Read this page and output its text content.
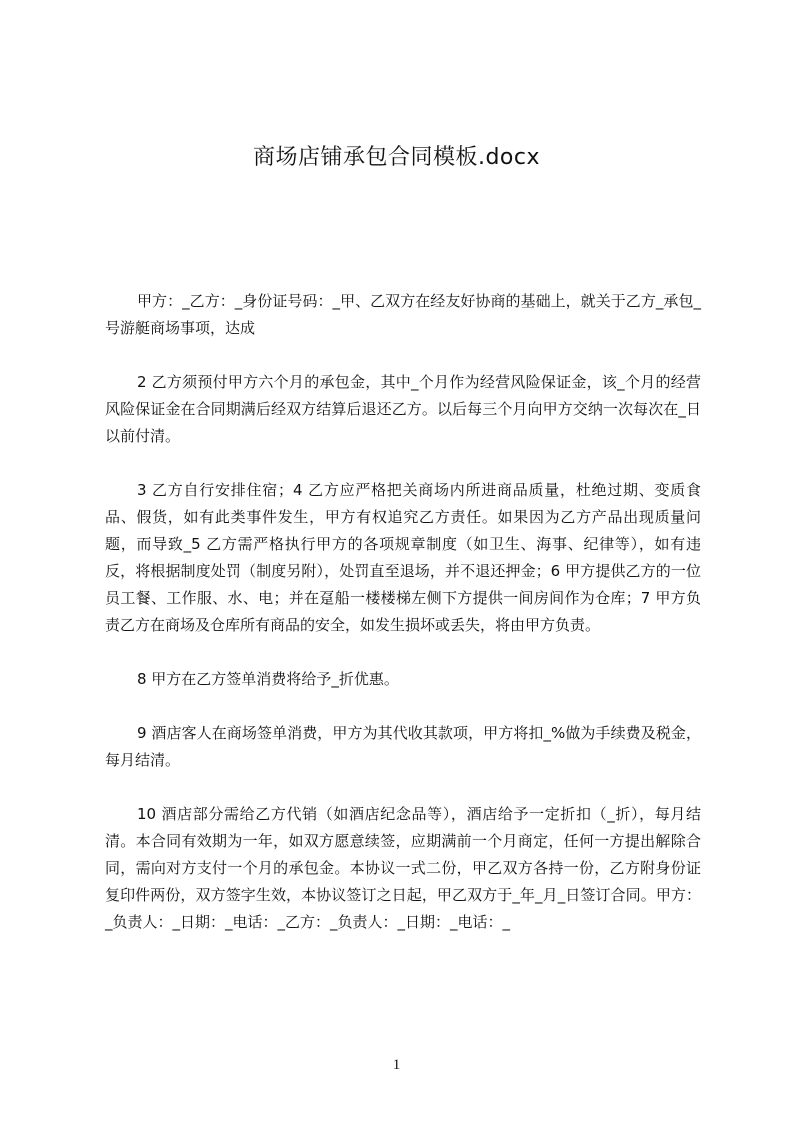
商场店铺承包合同模板.docx

甲方：_乙方：_身份证号码：_甲、乙双方在经友好协商的基础上，就关于乙方_承包_号游艇商场事项，达成

2 乙方须预付甲方六个月的承包金，其中_个月作为经营风险保证金，该_个月的经营风险保证金在合同期满后经双方结算后退还乙方。以后每三个月向甲方交纳一次每次在_日以前付清。

3 乙方自行安排住宿；4 乙方应严格把关商场内所进商品质量，杜绝过期、变质食品、假货，如有此类事件发生，甲方有权追究乙方责任。如果因为乙方产品出现质量问题，而导致_5 乙方需严格执行甲方的各项规章制度（如卫生、海事、纪律等），如有违反，将根据制度处罚（制度另附），处罚直至退场，并不退还押金；6 甲方提供乙方的一位员工餐、工作服、水、电；并在趸船一楼楼梯左侧下方提供一间房间作为仓库；7 甲方负责乙方在商场及仓库所有商品的安全，如发生损坏或丢失，将由甲方负责。

8 甲方在乙方签单消费将给予_折优惠。

9 酒店客人在商场签单消费，甲方为其代收其款项，甲方将扣_%做为手续费及税金，每月结清。

10 酒店部分需给乙方代销（如酒店纪念品等），酒店给予一定折扣（_折），每月结清。本合同有效期为一年，如双方愿意续签，应期满前一个月商定，任何一方提出解除合同，需向对方支付一个月的承包金。本协议一式二份，甲乙双方各持一份，乙方附身份证复印件两份，双方签字生效，本协议签订之日起，甲乙双方于_年_月_日签订合同。甲方：_负责人：_日期：_电话：_乙方：_负责人：_日期：_电话：_

1
